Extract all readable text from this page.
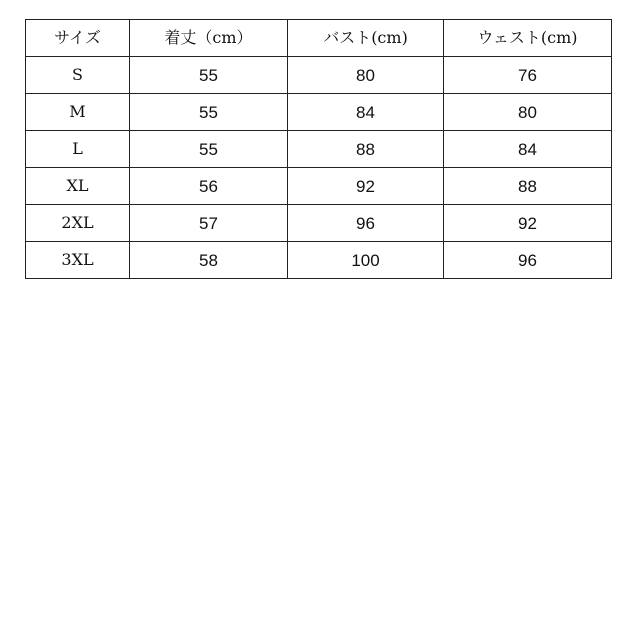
サイズ	着丈（cm）	バスト(cm)	ウェスト(cm)
S	55	80	76
M	55	84	80
L	55	88	84
XL	56	92	88
2XL	57	96	92
3XL	58	100	96
